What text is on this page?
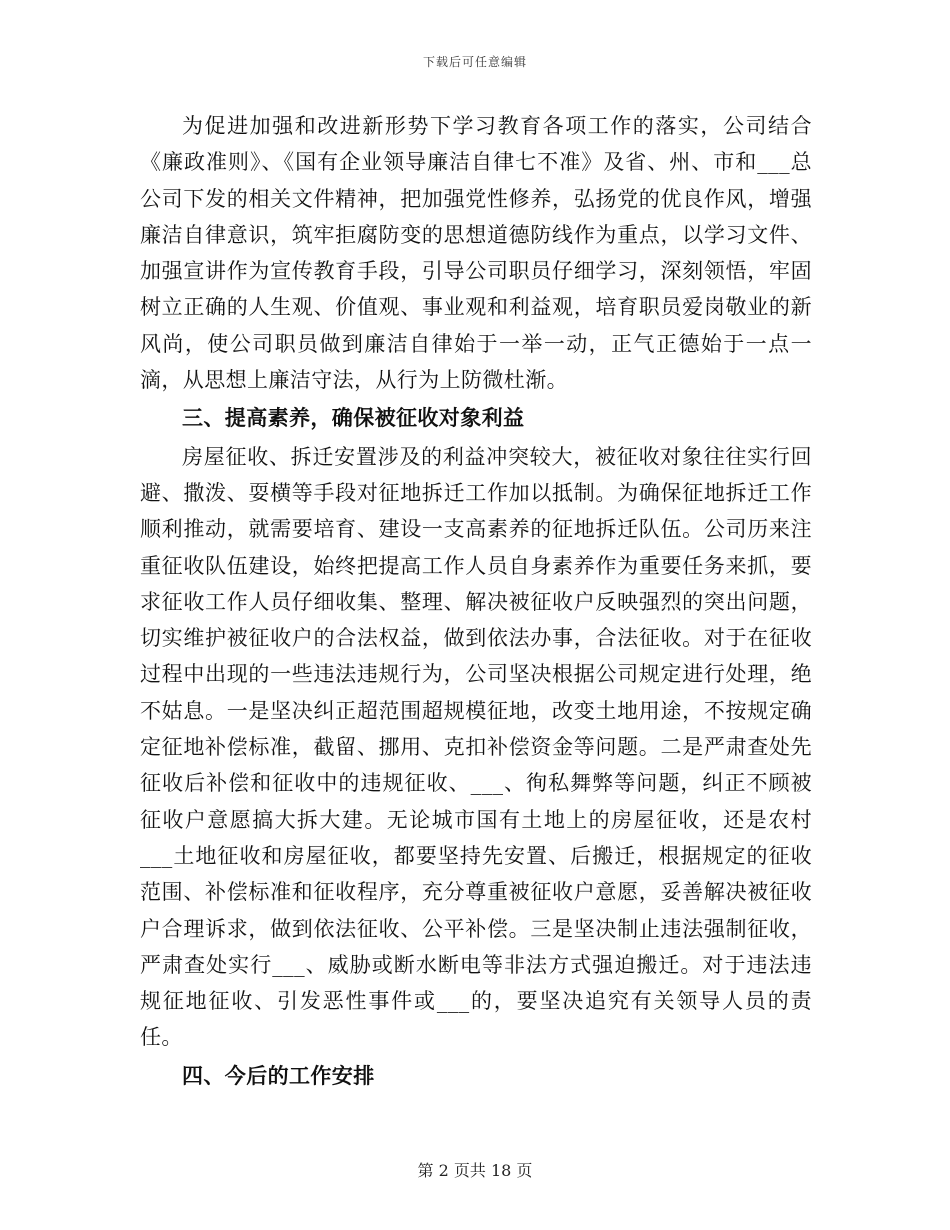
下载后可任意编辑

为促进加强和改进新形势下学习教育各项工作的落实，公司结合《廉政准则》、《国有企业领导廉洁自律七不准》及省、州、市和___总公司下发的相关文件精神，把加强党性修养，弘扬党的优良作风，增强廉洁自律意识，筑牢拒腐防变的思想道德防线作为重点，以学习文件、加强宣讲作为宣传教育手段，引导公司职员仔细学习，深刻领悟，牢固树立正确的人生观、价值观、事业观和利益观，培育职员爱岗敬业的新风尚，使公司职员做到廉洁自律始于一举一动，正气正德始于一点一滴，从思想上廉洁守法，从行为上防微杜渐。

三、提高素养，确保被征收对象利益

房屋征收、拆迁安置涉及的利益冲突较大，被征收对象往往实行回避、撒泼、耍横等手段对征地拆迁工作加以抵制。为确保征地拆迁工作顺利推动，就需要培育、建设一支高素养的征地拆迁队伍。公司历来注重征收队伍建设，始终把提高工作人员自身素养作为重要任务来抓，要求征收工作人员仔细收集、整理、解决被征收户反映强烈的突出问题，切实维护被征收户的合法权益，做到依法办事，合法征收。对于在征收过程中出现的一些违法违规行为，公司坚决根据公司规定进行处理，绝不姑息。一是坚决纠正超范围超规模征地，改变土地用途，不按规定确定征地补偿标准，截留、挪用、克扣补偿资金等问题。二是严肃查处先征收后补偿和征收中的违规征收、___、徇私舞弊等问题，纠正不顾被征收户意愿搞大拆大建。无论城市国有土地上的房屋征收，还是农村___土地征收和房屋征收，都要坚持先安置、后搬迁，根据规定的征收范围、补偿标准和征收程序，充分尊重被征收户意愿，妥善解决被征收户合理诉求，做到依法征收、公平补偿。三是坚决制止违法强制征收，严肃查处实行___、威胁或断水断电等非法方式强迫搬迁。对于违法违规征地征收、引发恶性事件或___的，要坚决追究有关领导人员的责任。

四、今后的工作安排
第 2 页共 18 页
